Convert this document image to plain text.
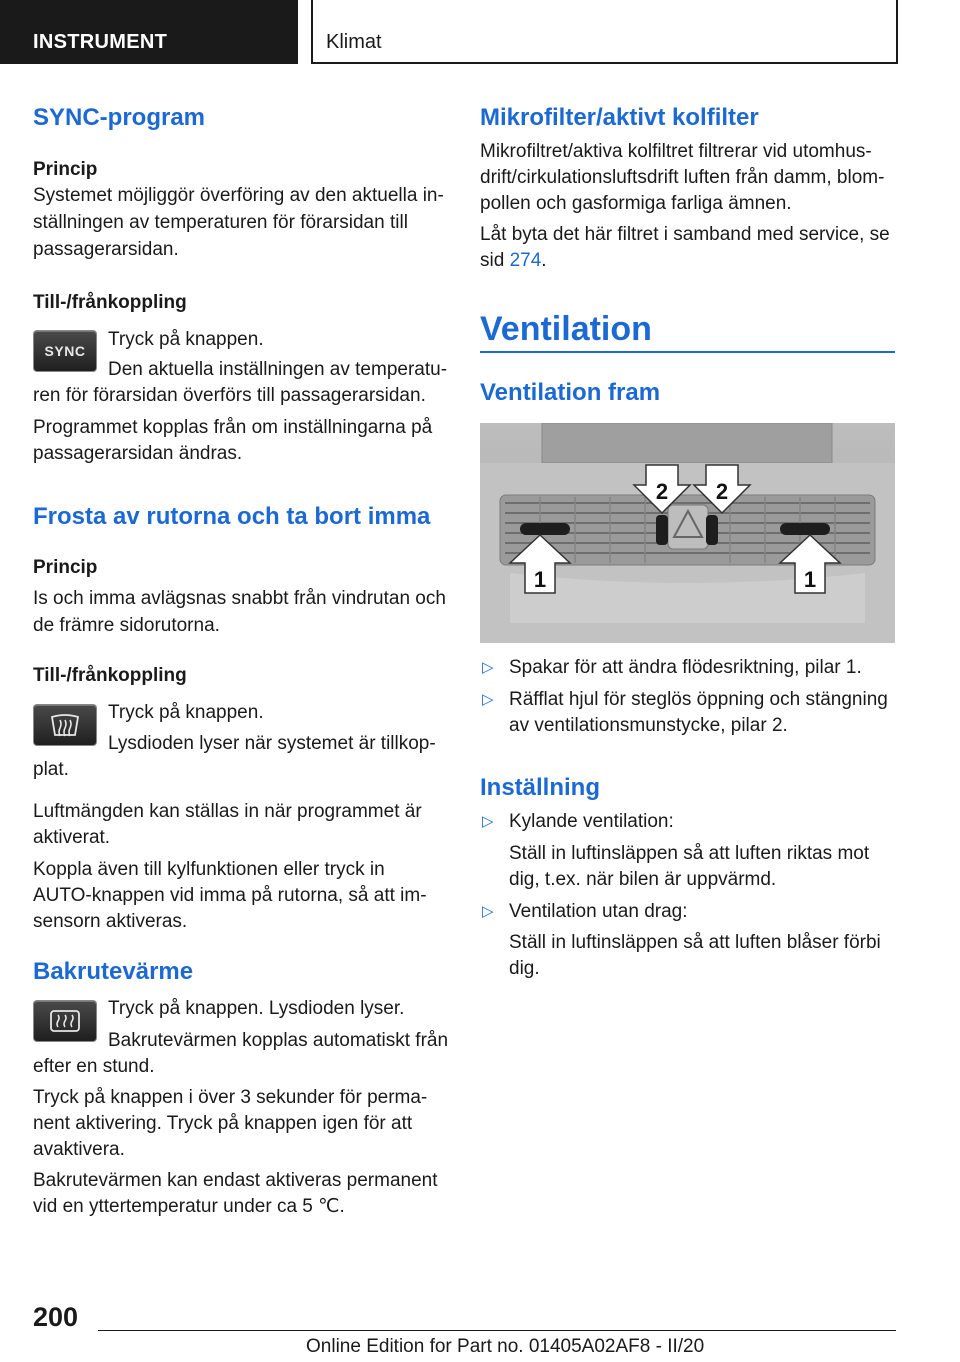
INSTRUMENT	Klimat
SYNC-program
Princip
Systemet möjliggör överföring av den aktuella in-
ställningen av temperaturen för förarsidan till
passagerarsidan.
Till-/frånkoppling
SYNC
Tryck på knappen.
Den aktuella inställningen av temperatu-
ren för förarsidan överförs till passagerarsidan.
Programmet kopplas från om inställningarna på
passagerarsidan ändras.
Frosta av rutorna och ta bort imma
Princip
Is och imma avlägsnas snabbt från vindrutan och
de främre sidorutorna.
Till-/frånkoppling
Tryck på knappen.
Lysdioden lyser när systemet är tillkop-
plat.
Luftmängden kan ställas in när programmet är
aktiverat.
Koppla även till kylfunktionen eller tryck in
AUTO-knappen vid imma på rutorna, så att im-
sensorn aktiveras.
Bakrutevärme
Tryck på knappen. Lysdioden lyser.
Bakrutevärmen kopplas automatiskt från
efter en stund.
Tryck på knappen i över 3 sekunder för perma-
nent aktivering. Tryck på knappen igen för att
avaktivera.
Bakrutevärmen kan endast aktiveras permanent
vid en yttertemperatur under ca 5 ℃.
Mikrofilter/aktivt kolfilter
Mikrofiltret/aktiva kolfiltret filtrerar vid utomhus-
drift/cirkulationsluftsdrift luften från damm, blom-
pollen och gasformiga farliga ämnen.
Låt byta det här filtret i samband med service, se
sid 274.
Ventilation
Ventilation fram
1	1
2 2
▷ Spakar för att ändra flödesriktning, pilar 1.
▷ Räfflat hjul för steglös öppning och stängning
av ventilationsmunstycke, pilar 2.
Inställning
▷ Kylande ventilation:
Ställ in luftinsläppen så att luften riktas mot
dig, t.ex. när bilen är uppvärmd.
▷ Ventilation utan drag:
Ställ in luftinsläppen så att luften blåser förbi
dig.
200
Online Edition for Part no. 01405A02AF8 - II/20
